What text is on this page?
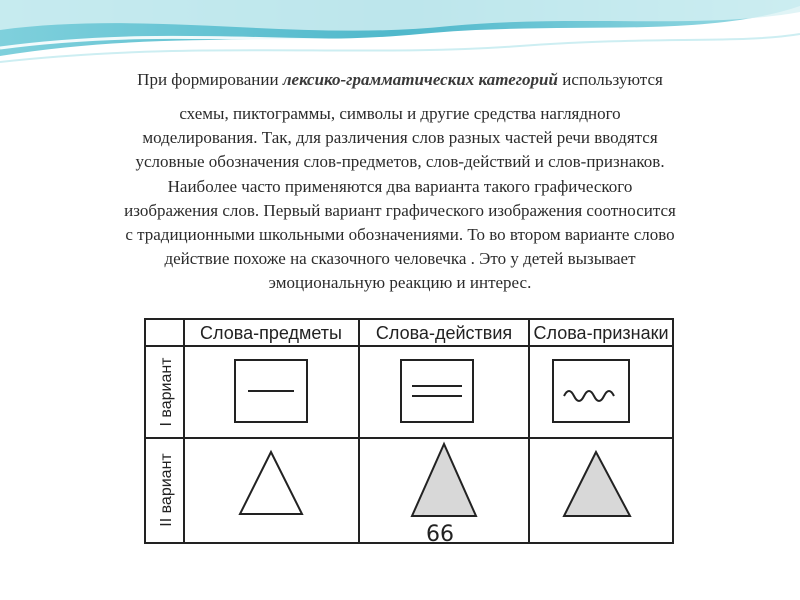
При формировании лексико-грамматических категорий используются
схемы, пиктограммы, символы и другие средства наглядного
моделирования. Так, для различения слов разных частей речи вводятся
условные обозначения слов-предметов, слов-действий и слов-признаков.
Наиболее часто применяются два варианта такого графического
изображения слов. Первый вариант графического изображения соотносится
с традиционными школьными обозначениями. То во втором варианте слово
действие похоже на сказочного человечка . Это у детей вызывает
эмоциональную реакцию и интерес.
Слова-предметы Слова-действия Слова-признаки
I вариант
II вариант
66
